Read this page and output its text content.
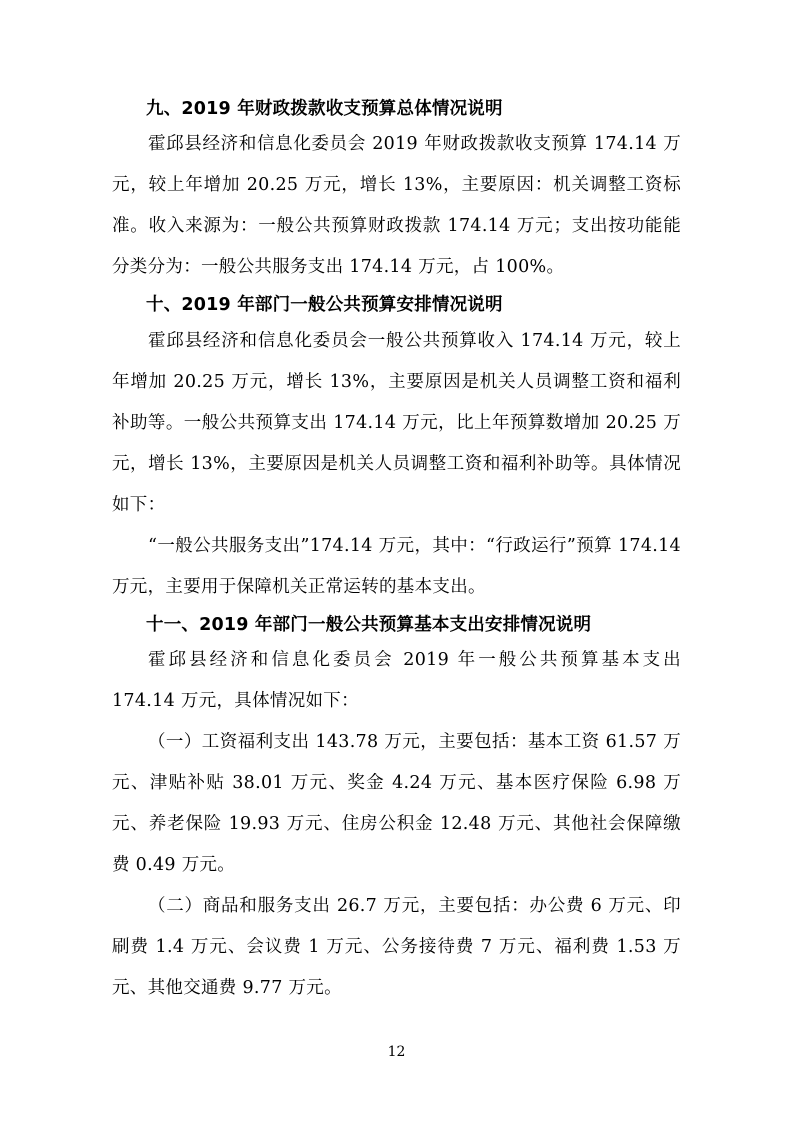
九、2019 年财政拨款收支预算总体情况说明

霍邱县经济和信息化委员会 2019 年财政拨款收支预算 174.14 万元，较上年增加 20.25 万元，增长 13%，主要原因：机关调整工资标准。收入来源为：一般公共预算财政拨款 174.14 万元；支出按功能能分类分为：一般公共服务支出 174.14 万元，占 100%。

十、2019 年部门一般公共预算安排情况说明

霍邱县经济和信息化委员会一般公共预算收入 174.14 万元，较上年增加 20.25 万元，增长 13%，主要原因是机关人员调整工资和福利补助等。一般公共预算支出 174.14 万元，比上年预算数增加 20.25 万元，增长 13%，主要原因是机关人员调整工资和福利补助等。具体情况如下：

“一般公共服务支出”174.14 万元，其中：“行政运行”预算 174.14 万元，主要用于保障机关正常运转的基本支出。

十一、2019 年部门一般公共预算基本支出安排情况说明

霍邱县经济和信息化委员会 2019 年一般公共预算基本支出 174.14 万元，具体情况如下：

（一）工资福利支出 143.78 万元，主要包括：基本工资 61.57 万元、津贴补贴 38.01 万元、奖金 4.24 万元、基本医疗保险 6.98 万元、养老保险 19.93 万元、住房公积金 12.48 万元、其他社会保障缴费 0.49 万元。

（二）商品和服务支出 26.7 万元，主要包括：办公费 6 万元、印刷费 1.4 万元、会议费 1 万元、公务接待费 7 万元、福利费 1.53 万元、其他交通费 9.77 万元。

12
